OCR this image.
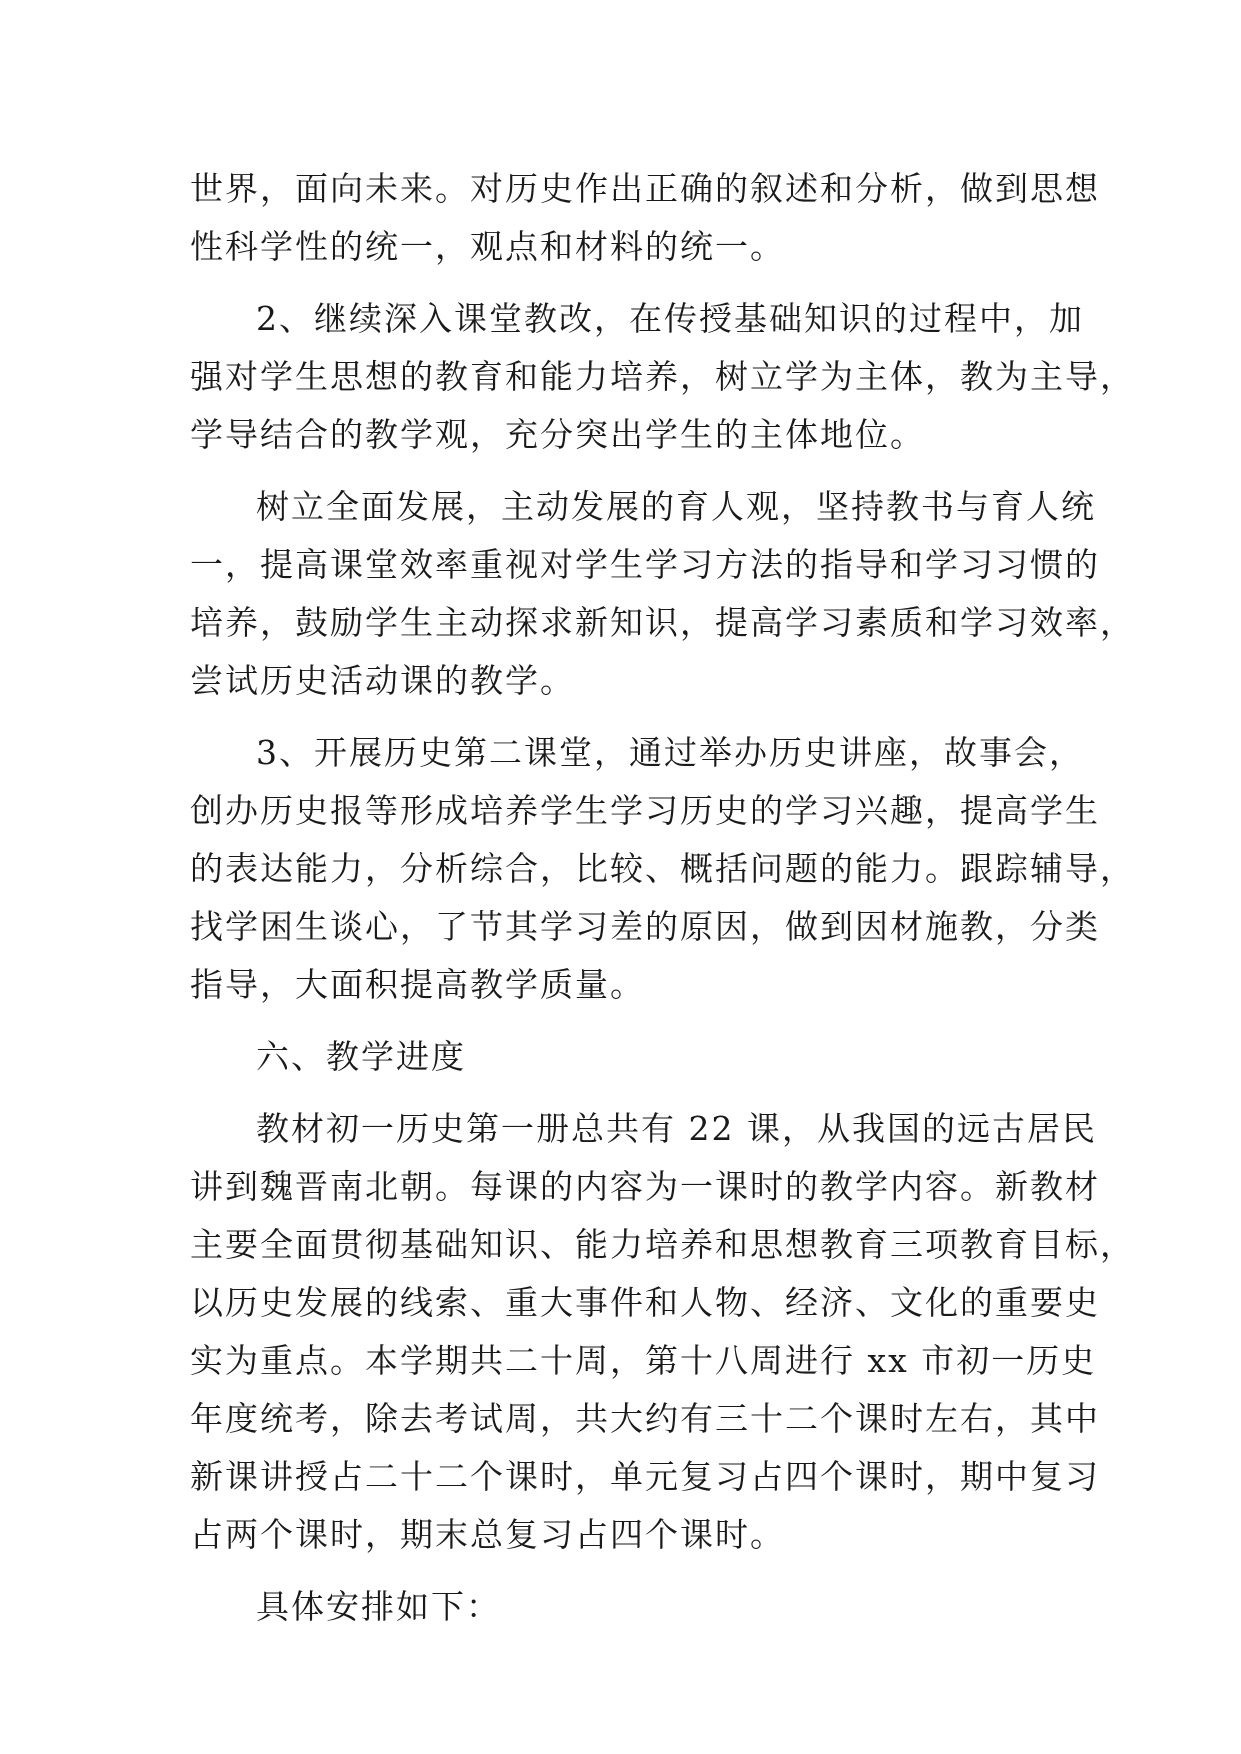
世界，面向未来。对历史作出正确的叙述和分析，做到思想
性科学性的统一，观点和材料的统一。

2、继续深入课堂教改，在传授基础知识的过程中，加
强对学生思想的教育和能力培养，树立学为主体，教为主导，
学导结合的教学观，充分突出学生的主体地位。

树立全面发展，主动发展的育人观，坚持教书与育人统
一，提高课堂效率重视对学生学习方法的指导和学习习惯的
培养，鼓励学生主动探求新知识，提高学习素质和学习效率，
尝试历史活动课的教学。

3、开展历史第二课堂，通过举办历史讲座，故事会，
创办历史报等形成培养学生学习历史的学习兴趣，提高学生
的表达能力，分析综合，比较、概括问题的能力。跟踪辅导，
找学困生谈心，了节其学习差的原因，做到因材施教，分类
指导，大面积提高教学质量。

六、教学进度

教材初一历史第一册总共有 22 课，从我国的远古居民
讲到魏晋南北朝。每课的内容为一课时的教学内容。新教材
主要全面贯彻基础知识、能力培养和思想教育三项教育目标，
以历史发展的线索、重大事件和人物、经济、文化的重要史
实为重点。本学期共二十周，第十八周进行 xx 市初一历史
年度统考，除去考试周，共大约有三十二个课时左右，其中
新课讲授占二十二个课时，单元复习占四个课时，期中复习
占两个课时，期末总复习占四个课时。

具体安排如下：
